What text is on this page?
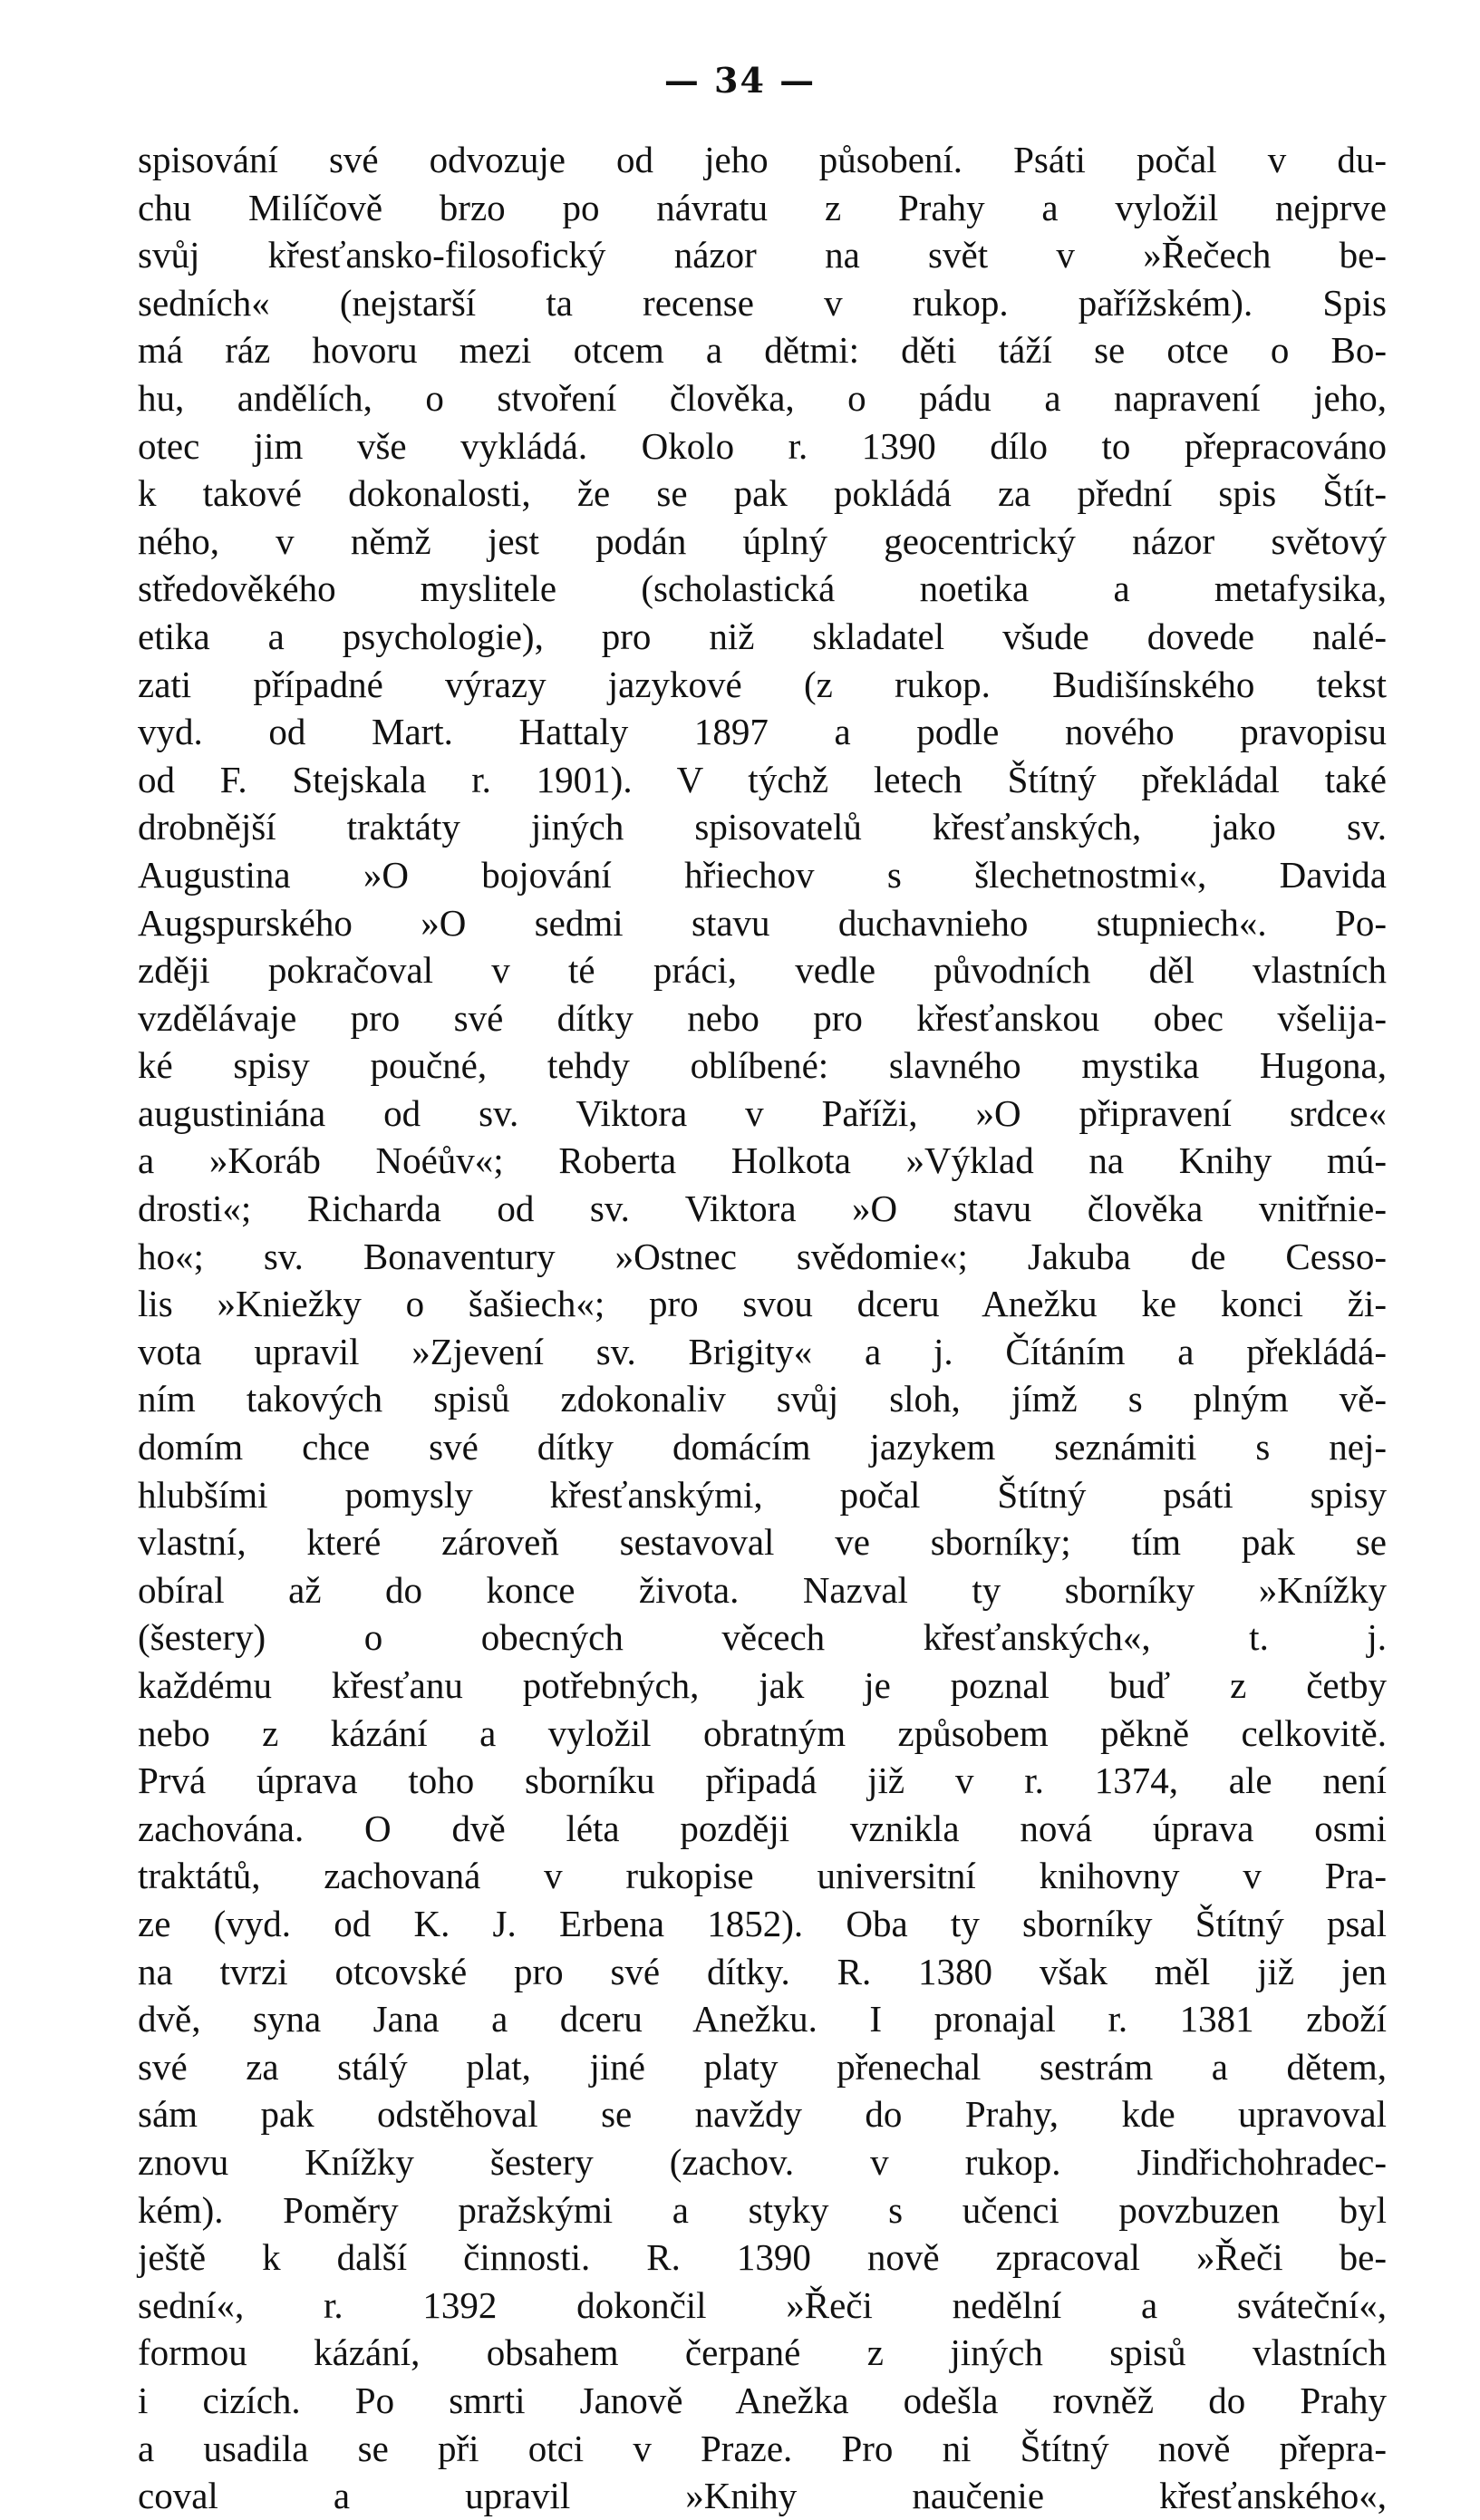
— 34 —
spisování své odvozuje od jeho působení. Psáti počal v du-
chu Milíčově brzo po návratu z Prahy a vyložil nejprve
svůj křesťansko-filosofický názor na svět v »Řečech be-
sedních« (nejstarší ta recense v rukop. pařížském). Spis
má ráz hovoru mezi otcem a dětmi: děti táží se otce o Bo-
hu, andělích, o stvoření člověka, o pádu a napravení jeho,
otec jim vše vykládá. Okolo r. 1390 dílo to přepracováno
k takové dokonalosti, že se pak pokládá za přední spis Štít-
ného, v němž jest podán úplný geocentrický názor světový
středověkého myslitele (scholastická noetika a metafysika,
etika a psychologie), pro niž skladatel všude dovede nalé-
zati případné výrazy jazykové (z rukop. Budišínského tekst
vyd. od Mart. Hattaly 1897 a podle nového pravopisu
od F. Stejskala r. 1901). V týchž letech Štítný překládal také
drobnější traktáty jiných spisovatelů křesťanských, jako sv.
Augustina »O bojování hřiechov s šlechetnostmi«, Davida
Augspurského »O sedmi stavu duchavnieho stupniech«. Po-
zději pokračoval v té práci, vedle původních děl vlastních
vzdělávaje pro své dítky nebo pro křesťanskou obec všelija-
ké spisy poučné, tehdy oblíbené: slavného mystika Hugona,
augustiniána od sv. Viktora v Paříži, »O připravení srdce«
a »Koráb Noéův«; Roberta Holkota »Výklad na Knihy mú-
drosti«; Richarda od sv. Viktora »O stavu člověka vnitřnie-
ho«; sv. Bonaventury »Ostnec svědomie«; Jakuba de Cesso-
lis »Kniežky o šašiech«; pro svou dceru Anežku ke konci ži-
vota upravil »Zjevení sv. Brigity« a j. Čítáním a překládá-
ním takových spisů zdokonaliv svůj sloh, jímž s plným vě-
domím chce své dítky domácím jazykem seznámiti s nej-
hlubšími pomysly křesťanskými, počal Štítný psáti spisy
vlastní, které zároveň sestavoval ve sborníky; tím pak se
obíral až do konce života. Nazval ty sborníky »Knížky
(šestery) o obecných věcech křesťanských«, t. j.
každému křesťanu potřebných, jak je poznal buď z četby
nebo z kázání a vyložil obratným způsobem pěkně celkovitě.
Prvá úprava toho sborníku připadá již v r. 1374, ale není
zachována. O dvě léta později vznikla nová úprava osmi
traktátů, zachovaná v rukopise universitní knihovny v Pra-
ze (vyd. od K. J. Erbena 1852). Oba ty sborníky Štítný psal
na tvrzi otcovské pro své dítky. R. 1380 však měl již jen
dvě, syna Jana a dceru Anežku. I pronajal r. 1381 zboží
své za stálý plat, jiné platy přenechal sestrám a dětem,
sám pak odstěhoval se navždy do Prahy, kde upravoval
znovu Knížky šestery (zachov. v rukop. Jindřichohradec-
kém). Poměry pražskými a styky s učenci povzbuzen byl
ještě k další činnosti. R. 1390 nově zpracoval »Řeči be-
sední«, r. 1392 dokončil »Řeči nedělní a sváteční«,
formou kázání, obsahem čerpané z jiných spisů vlastních
i cizích. Po smrti Janově Anežka odešla rovněž do Prahy
a usadila se při otci v Praze. Pro ni Štítný nově přepra-
coval a upravil »Knihy naučenie křesťanského«,
